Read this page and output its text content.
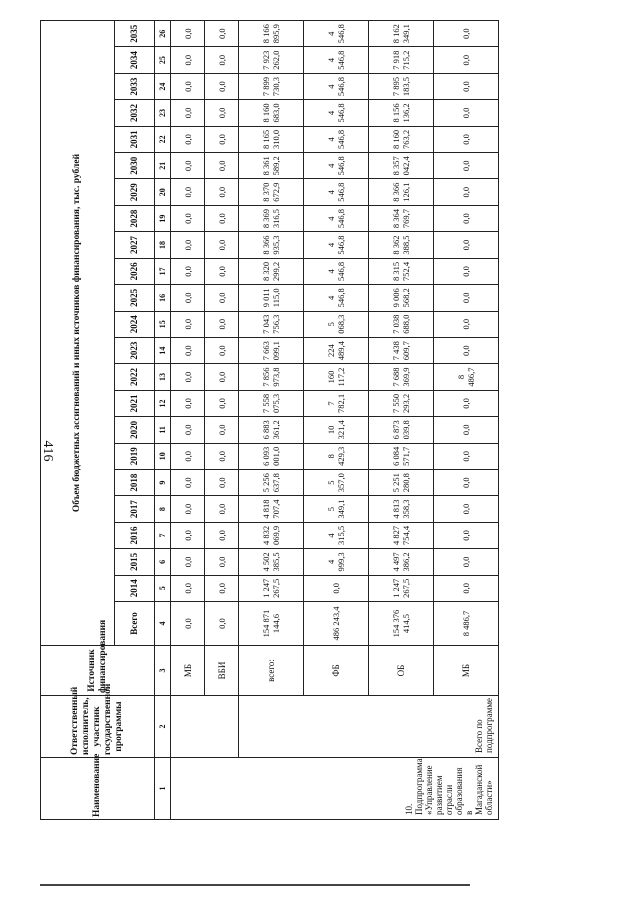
416
Наименование	Ответственный исполнитель, участник государственной программы	Источник финансирования	Объем бюджетных ассигнований и иных источников финансирования, тыс. рублей																						
			Всего	2014	2015	2016	2017	2018	2019	2020	2021	2022	2023	2024	2025	2026	2027	2028	2029	2030	2031	2032	2033	2034	2035
1	2	3	4	5	6	7	8	9	10	11	12	13	14	15	16	17	18	19	20	21	22	23	24	25	26
10. Подпрограмма «Управление развитием отрасли образования в Магаданской области»		МБ	0,0	0,0	0,0	0,0	0,0	0,0	0,0	0,0	0,0	0,0	0,0	0,0	0,0	0,0	0,0	0,0	0,0	0,0	0,0	0,0	0,0	0,0	0,0
		ВБИ	0,0	0,0	0,0	0,0	0,0	0,0	0,0	0,0	0,0	0,0	0,0	0,0	0,0	0,0	0,0	0,0	0,0	0,0	0,0	0,0	0,0	0,0	0,0
	Всего по подпрограмме	всего:	154 871 144,6	1 247 267,5	4 502 385,5	4 832 069,9	4 818 707,4	5 256 637,8	6 093 001,0	6 883 361,2	7 558 075,3	7 856 973,8	7 663 099,1	7 043 756,3	9 011 115,0	8 320 299,2	8 366 935,3	8 369 316,5	8 370 672,9	8 361 589,2	8 165 310,0	8 160 683,0	7 899 730,3	7 923 262,0	8 166 895,9
		ФБ	486 243,4	0,0	4 999,3	4 315,5	5 349,1	5 357,0	8 429,3	10 321,4	7 782,1	160 117,2	224 489,4	5 068,3	4 546,8	4 546,8	4 546,8	4 546,8	4 546,8	4 546,8	4 546,8	4 546,8	4 546,8	4 546,8	4 546,8
		ОБ	154 376 414,5	1 247 267,5	4 497 386,2	4 827 754,4	4 813 358,3	5 251 280,8	6 084 571,7	6 873 039,8	7 550 293,2	7 688 369,9	7 438 609,7	7 038 688,0	9 006 568,2	8 315 752,4	8 362 388,5	8 364 769,7	8 366 126,1	8 357 042,4	8 160 763,2	8 156 136,2	7 895 183,5	7 918 715,2	8 162 349,1
		МБ	8 486,7	0,0	0,0	0,0	0,0	0,0	0,0	0,0	0,0	8 486,7	0,0	0,0	0,0	0,0	0,0	0,0	0,0	0,0	0,0	0,0	0,0	0,0	0,0
